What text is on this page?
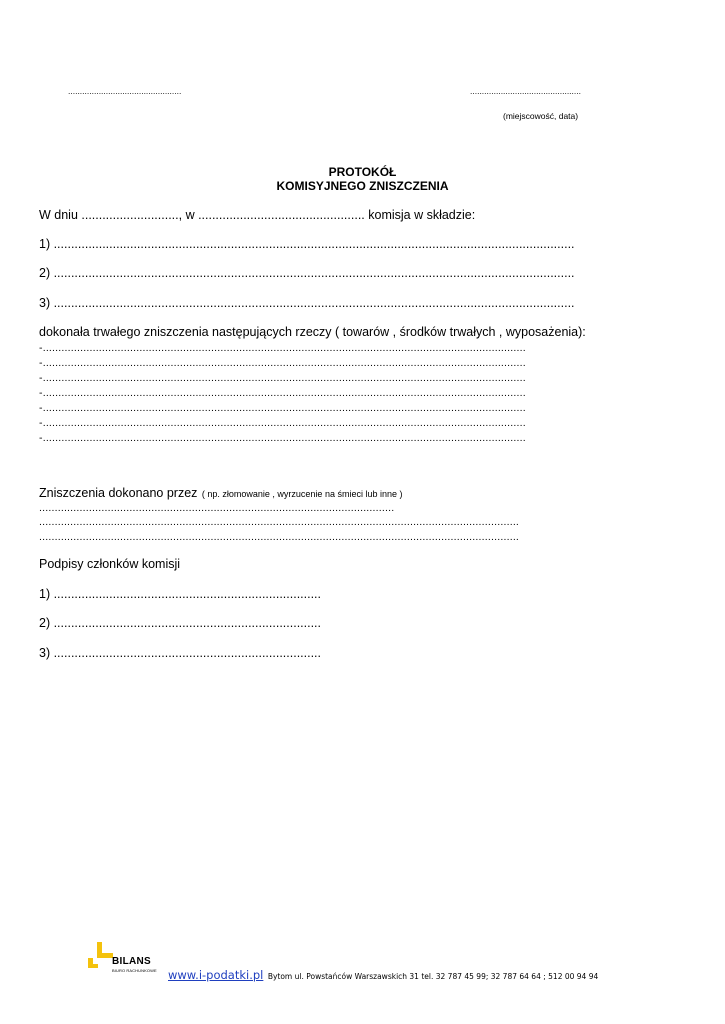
................................................	...............................................
(miejscowość, data)
PROTOKÓŁ
KOMISYJNEGO ZNISZCZENIA
W dniu ............................, w ................................................ komisja w składzie:
1) ......................................................................................................................................................
2) ......................................................................................................................................................
3) ......................................................................................................................................................
dokonała trwałego zniszczenia następujących rzeczy ( towarów , środków trwałych , wyposażenia):
-...........................................................................................................................................................
-...........................................................................................................................................................
-...........................................................................................................................................................
-...........................................................................................................................................................
-...........................................................................................................................................................
-...........................................................................................................................................................
-...........................................................................................................................................................
Zniszczenia dokonano przez ( np. złomowanie , wyrzucenie na śmieci lub inne )
..................................................................................................................
..........................................................................................................................................................
..........................................................................................................................................................
Podpisy członków komisji
1) .............................................................................
2) .............................................................................
3) .............................................................................
BILANS
BIURO RACHUNKOWE www.i-podatki.pl Bytom ul. Powstańców Warszawskich 31 tel. 32 787 45 99; 32 787 64 64 ; 512 00 94 94
